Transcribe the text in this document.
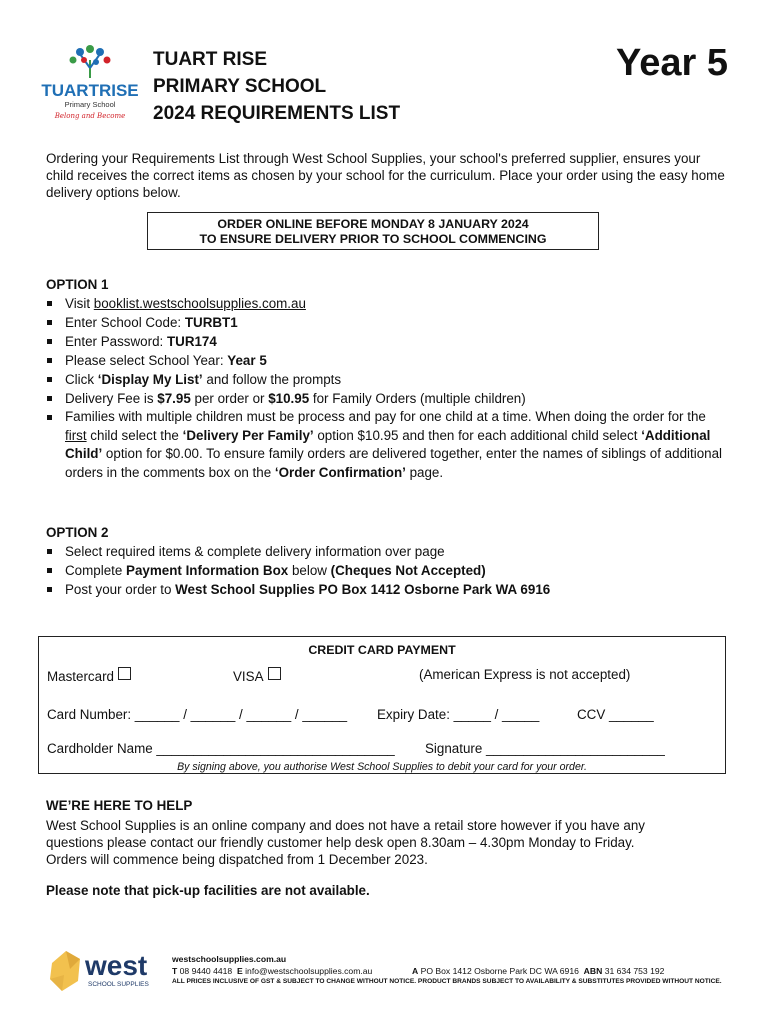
TUARTRISE
Primary School
Belong and Become
TUART RISE
PRIMARY SCHOOL
2024 REQUIREMENTS LIST
Year 5
Ordering your Requirements List through West School Supplies, your school's preferred supplier, ensures your child receives the correct items as chosen by your school for the curriculum. Place your order using the easy home delivery options below.
ORDER ONLINE BEFORE MONDAY 8 JANUARY 2024
TO ENSURE DELIVERY PRIOR TO SCHOOL COMMENCING
OPTION 1
Visit booklist.westschoolsupplies.com.au
Enter School Code: TURBT1
Enter Password: TUR174
Please select School Year: Year 5
Click ‘Display My List’ and follow the prompts
Delivery Fee is $7.95 per order or $10.95 for Family Orders (multiple children)
Families with multiple children must be process and pay for one child at a time. When doing the order for the first child select the ‘Delivery Per Family’ option $10.95 and then for each additional child select ‘Additional Child’ option for $0.00. To ensure family orders are delivered together, enter the names of siblings of additional orders in the comments box on the ‘Order Confirmation’ page.
OPTION 2
Select required items & complete delivery information over page
Complete Payment Information Box below (Cheques Not Accepted)
Post your order to West School Supplies PO Box 1412 Osborne Park WA 6916
CREDIT CARD PAYMENT
Mastercard	VISA	(American Express is not accepted)
Card Number: ______ / ______ / ______ / ______ Expiry Date: _____ / _____	CCV ______
Cardholder Name ________________________________ Signature ________________________
By signing above, you authorise West School Supplies to debit your card for your order.
WE’RE HERE TO HELP
West School Supplies is an online company and does not have a retail store however if you have any
questions please contact our friendly customer help desk open 8.30am – 4.30pm Monday to Friday.
Orders will commence being dispatched from 1 December 2023.
Please note that pick-up facilities are not available.
west
SCHOOL SUPPLIES
westschoolsupplies.com.au
T 08 9440 4418 E info@westschoolsupplies.com.au	A PO Box 1412 Osborne Park DC WA 6916 ABN 31 634 753 192
ALL PRICES INCLUSIVE OF GST & SUBJECT TO CHANGE WITHOUT NOTICE. PRODUCT BRANDS SUBJECT TO AVAILABILITY & SUBSTITUTES PROVIDED WITHOUT NOTICE.
